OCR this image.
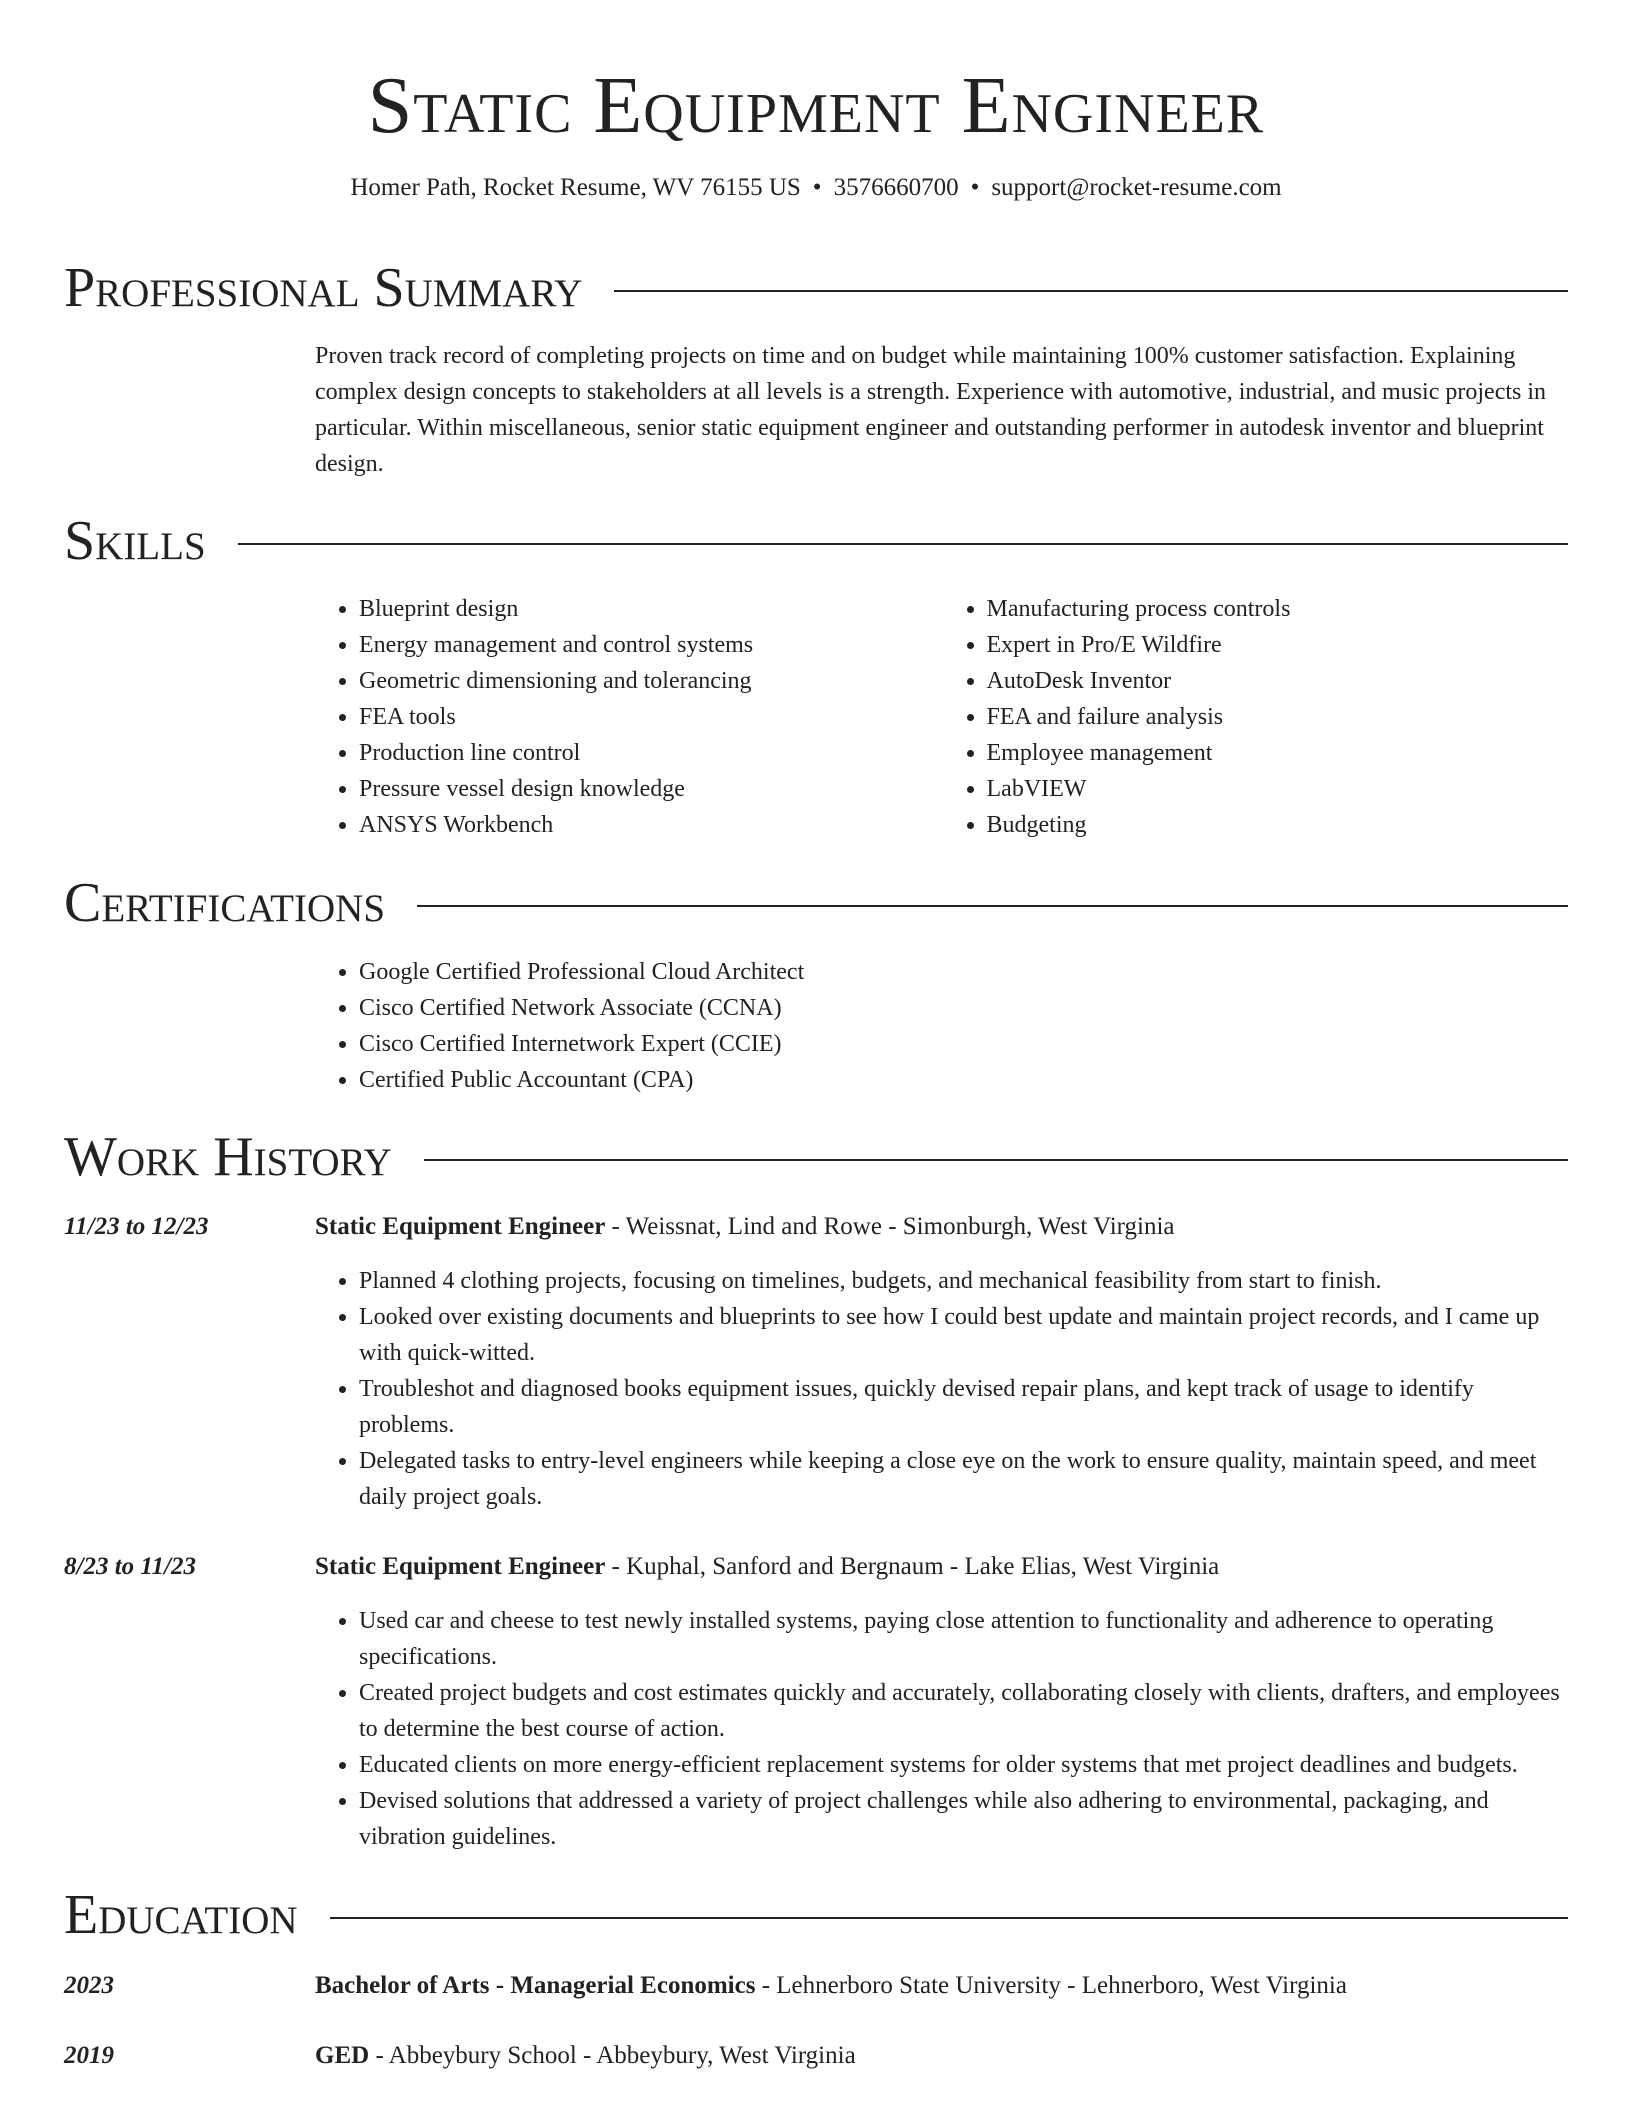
Static Equipment Engineer
Homer Path, Rocket Resume, WV 76155 US • 3576660700 • support@rocket-resume.com
Professional Summary

Proven track record of completing projects on time and on budget while maintaining 100% customer satisfaction. Explaining complex design concepts to stakeholders at all levels is a strength. Experience with automotive, industrial, and music projects in particular. Within miscellaneous, senior static equipment engineer and outstanding performer in autodesk inventor and blueprint design.

Skills
• Blueprint design
• Energy management and control systems
• Geometric dimensioning and tolerancing
• FEA tools
• Production line control
• Pressure vessel design knowledge
• ANSYS Workbench
• Manufacturing process controls
• Expert in Pro/E Wildfire
• AutoDesk Inventor
• FEA and failure analysis
• Employee management
• LabVIEW
• Budgeting
Certifications
• Google Certified Professional Cloud Architect
• Cisco Certified Network Associate (CCNA)
• Cisco Certified Internetwork Expert (CCIE)
• Certified Public Accountant (CPA)
Work History
11/23 to 12/23	Static Equipment Engineer - Weissnat, Lind and Rowe - Simonburgh, West Virginia
• Planned 4 clothing projects, focusing on timelines, budgets, and mechanical feasibility from start to finish.
• Looked over existing documents and blueprints to see how I could best update and maintain project records, and I came up with quick-witted.
• Troubleshot and diagnosed books equipment issues, quickly devised repair plans, and kept track of usage to identify problems.
• Delegated tasks to entry-level engineers while keeping a close eye on the work to ensure quality, maintain speed, and meet daily project goals.
8/23 to 11/23	Static Equipment Engineer - Kuphal, Sanford and Bergnaum - Lake Elias, West Virginia
• Used car and cheese to test newly installed systems, paying close attention to functionality and adherence to operating specifications.
• Created project budgets and cost estimates quickly and accurately, collaborating closely with clients, drafters, and employees to determine the best course of action.
• Educated clients on more energy-efficient replacement systems for older systems that met project deadlines and budgets.
• Devised solutions that addressed a variety of project challenges while also adhering to environmental, packaging, and vibration guidelines.
Education
2023	Bachelor of Arts - Managerial Economics - Lehnerboro State University - Lehnerboro, West Virginia
2019	GED - Abbeybury School - Abbeybury, West Virginia
